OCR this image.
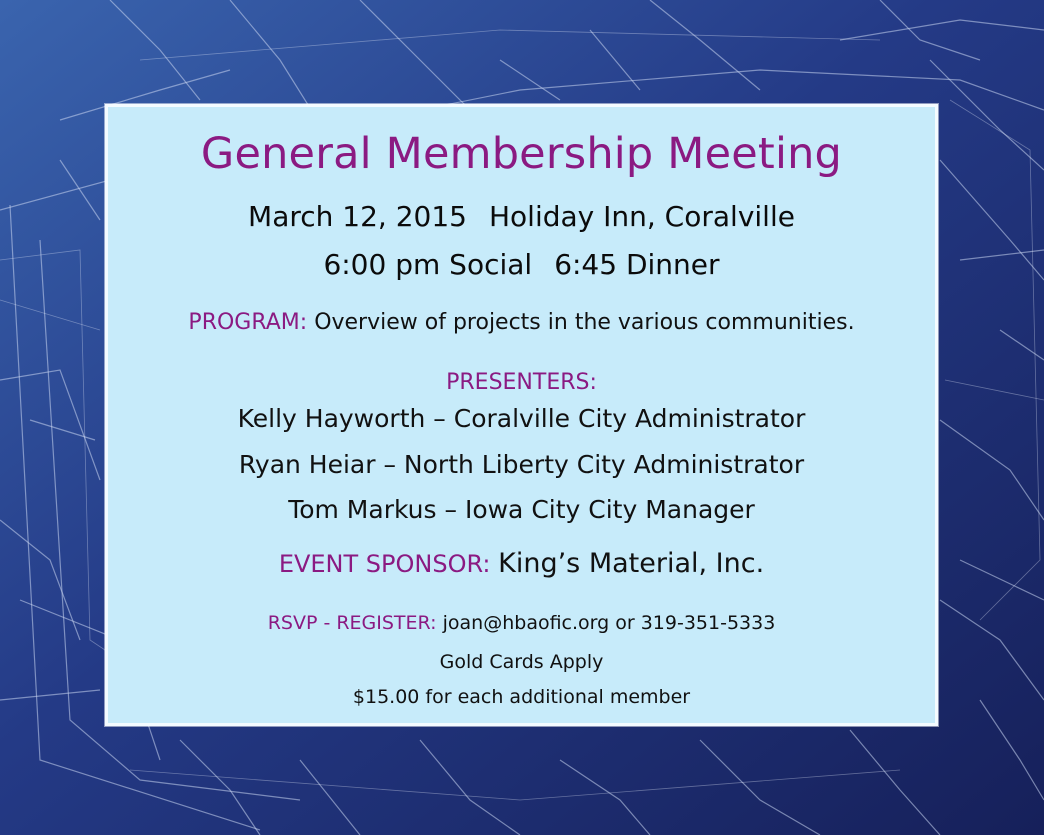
General Membership Meeting
March 12, 2015 Holiday Inn, Coralville
6:00 pm Social 6:45 Dinner
PROGRAM: Overview of projects in the various communities.
PRESENTERS:
Kelly Hayworth – Coralville City Administrator
Ryan Heiar – North Liberty City Administrator
Tom Markus – Iowa City City Manager
EVENT SPONSOR: King’s Material, Inc.
RSVP - REGISTER: joan@hbaofic.org or 319-351-5333
Gold Cards Apply
$15.00 for each additional member
